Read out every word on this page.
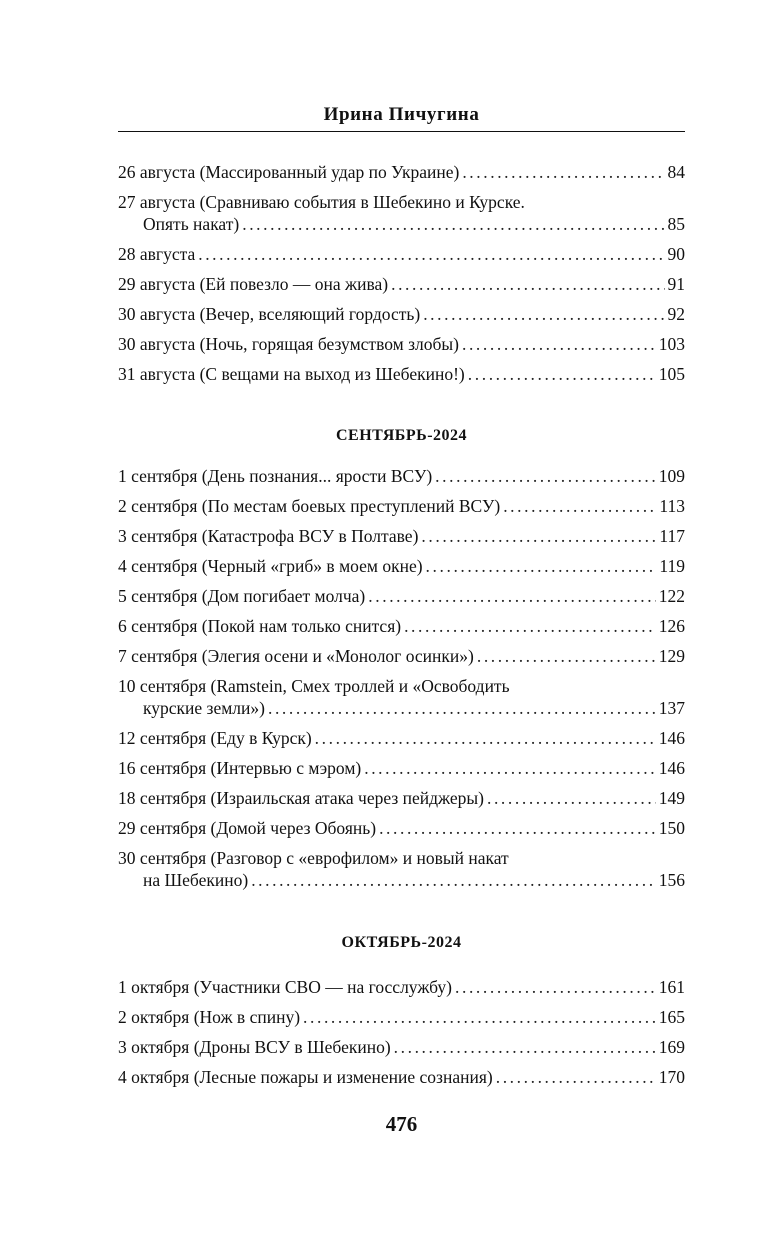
Ирина Пичугина
26 августа (Массированный удар по Украине) .....	84
27 августа (Сравниваю события в Шебекино и Курске.
Опять накат) .....	85
28 августа .....	90
29 августа (Ей повезло — она жива) .....	91
30 августа (Вечер, вселяющий гордость) .....	92
30 августа (Ночь, горящая безумством злобы) .....	103
31 августа (С вещами на выход из Шебекино!) .....	105
СЕНТЯБРЬ-2024
1 сентября (День познания... ярости ВСУ) .....	109
2 сентября (По местам боевых преступлений ВСУ) .....	113
3 сентября (Катастрофа ВСУ в Полтаве) .....	117
4 сентября (Черный «гриб» в моем окне) .....	119
5 сентября (Дом погибает молча) .....	122
6 сентября (Покой нам только снится) .....	126
7 сентября (Элегия осени и «Монолог осинки») .....	129
10 сентября (Ramstein, Смех троллей и «Освободить
курские земли») .....	137
12 сентября (Еду в Курск) .....	146
16 сентября (Интервью с мэром) .....	146
18 сентября (Израильская атака через пейджеры) .....	149
29 сентября (Домой через Обоянь) .....	150
30 сентября (Разговор с «еврофилом» и новый накат
на Шебекино) .....	156
ОКТЯБРЬ-2024
1 октября (Участники СВО — на госслужбу) .....	161
2 октября (Нож в спину) .....	165
3 октября (Дроны ВСУ в Шебекино) .....	169
4 октября (Лесные пожары и изменение сознания) .....	170
476
